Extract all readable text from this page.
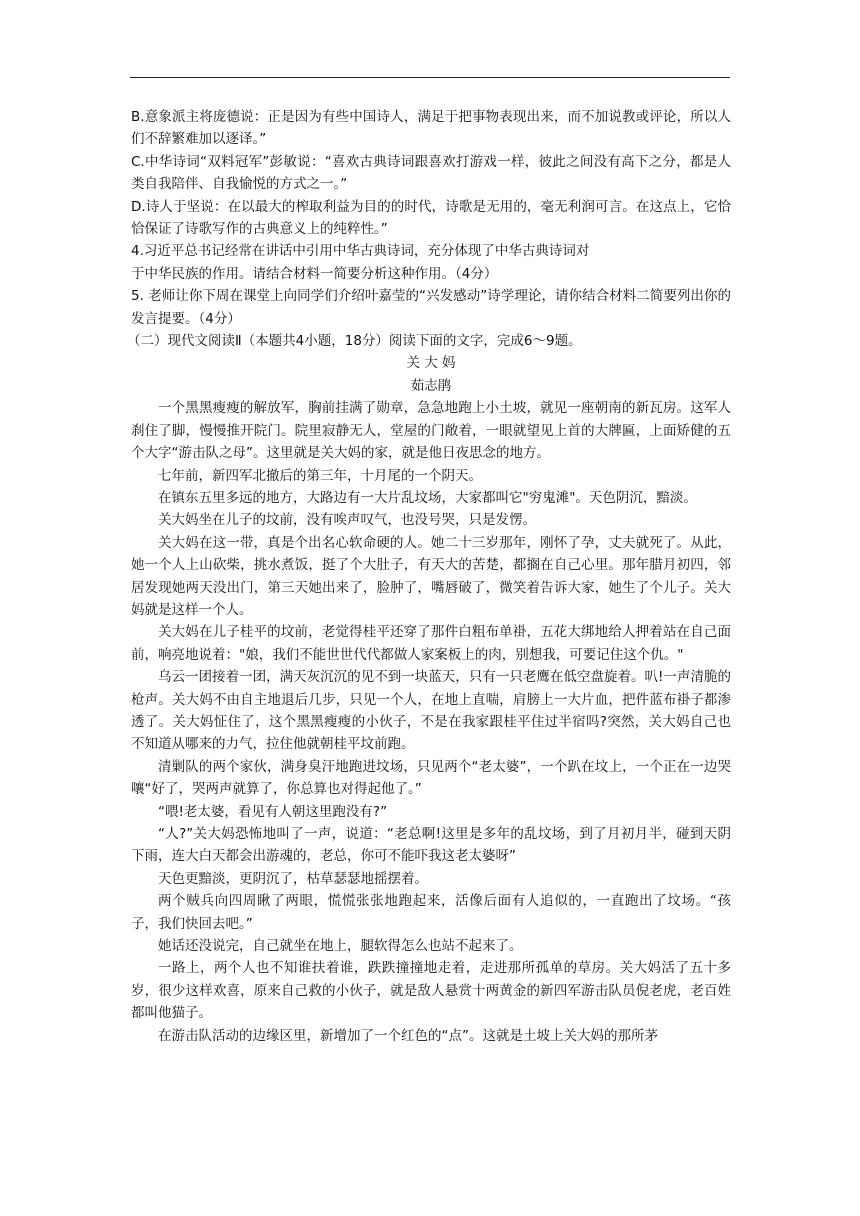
B.意象派主将庞德说：正是因为有些中国诗人，满足于把事物表现出来，而不加说教或评论，所以人们不辞繁难加以逐译。”

C.中华诗词“双料冠军”彭敏说：“喜欢古典诗词跟喜欢打游戏一样，彼此之间没有高下之分，都是人类自我陪伴、自我愉悦的方式之一。”

D.诗人于坚说：在以最大的榨取利益为目的的时代，诗歌是无用的，毫无利润可言。在这点上，它恰恰保证了诗歌写作的古典意义上的纯粹性。”

4.习近平总书记经常在讲话中引用中华古典诗词，充分体现了中华古典诗词对

于中华民族的作用。请结合材料一简要分析这种作用。（4分）

5. 老师让你下周在课堂上向同学们介绍叶嘉莹的“兴发感动”诗学理论，请你结合材料二简要列出你的发言提要。（4分）

（二）现代文阅读Ⅱ（本题共4小题，18分）阅读下面的文字，完成6～9题。

关 大 妈

茹志鹃

一个黑黑瘦瘦的解放军，胸前挂满了勋章，急急地跑上小土坡，就见一座朝南的新瓦房。这军人刹住了脚，慢慢推开院门。院里寂静无人，堂屋的门敞着，一眼就望见上首的大牌匾，上面矫健的五个大字“游击队之母”。这里就是关大妈的家，就是他日夜思念的地方。

七年前，新四军北撤后的第三年，十月尾的一个阴天。

在镇东五里多远的地方，大路边有一大片乱坟场，大家都叫它"穷鬼滩"。天色阴沉，黯淡。

关大妈坐在儿子的坟前，没有唉声叹气，也没号哭，只是发愣。

关大妈在这一带，真是个出名心软命硬的人。她二十三岁那年，刚怀了孕，丈夫就死了。从此，她一个人上山砍柴，挑水煮饭，挺了个大肚子，有天大的苦楚，都搁在自己心里。那年腊月初四，邻居发现她两天没出门，第三天她出来了，脸肿了，嘴唇破了，微笑着告诉大家，她生了个儿子。关大妈就是这样一个人。

关大妈在儿子桂平的坟前，老觉得桂平还穿了那件白粗布单褂，五花大绑地给人押着站在自己面前，响亮地说着："娘，我们不能世世代代都做人家案板上的肉，别想我，可要记住这个仇。"

乌云一团接着一团，满天灰沉沉的见不到一块蓝天，只有一只老鹰在低空盘旋着。叭!一声清脆的枪声。关大妈不由自主地退后几步，只见一个人，在地上直喘，肩膀上一大片血，把件蓝布褂子都渗透了。关大妈怔住了，这个黑黑瘦瘦的小伙子，不是在我家跟桂平住过半宿吗?突然，关大妈自己也不知道从哪来的力气，拉住他就朝桂平坟前跑。

清剿队的两个家伙，满身臭汗地跑进坟场，只见两个“老太婆”，一个趴在坟上，一个正在一边哭嚷“好了，哭两声就算了，你总算也对得起他了。”

“喂!老太婆，看见有人朝这里跑没有?”

“人?”关大妈恐怖地叫了一声，说道：“老总啊!这里是多年的乱坟场，到了月初月半，碰到天阴下雨，连大白天都会出游魂的，老总，你可不能吓我这老太婆呀”

天色更黯淡，更阴沉了，枯草瑟瑟地摇摆着。

两个贼兵向四周瞅了两眼，慌慌张张地跑起来，活像后面有人追似的，一直跑出了坟场。“孩子，我们快回去吧。”

她话还没说完，自己就坐在地上，腿软得怎么也站不起来了。

一路上，两个人也不知谁扶着谁，跌跌撞撞地走着，走进那所孤单的草房。关大妈活了五十多岁，很少这样欢喜，原来自己救的小伙子，就是敌人悬赏十两黄金的新四军游击队员倪老虎，老百姓都叫他猫子。

在游击队活动的边缘区里，新增加了一个红色的“点”。这就是土坡上关大妈的那所茅
